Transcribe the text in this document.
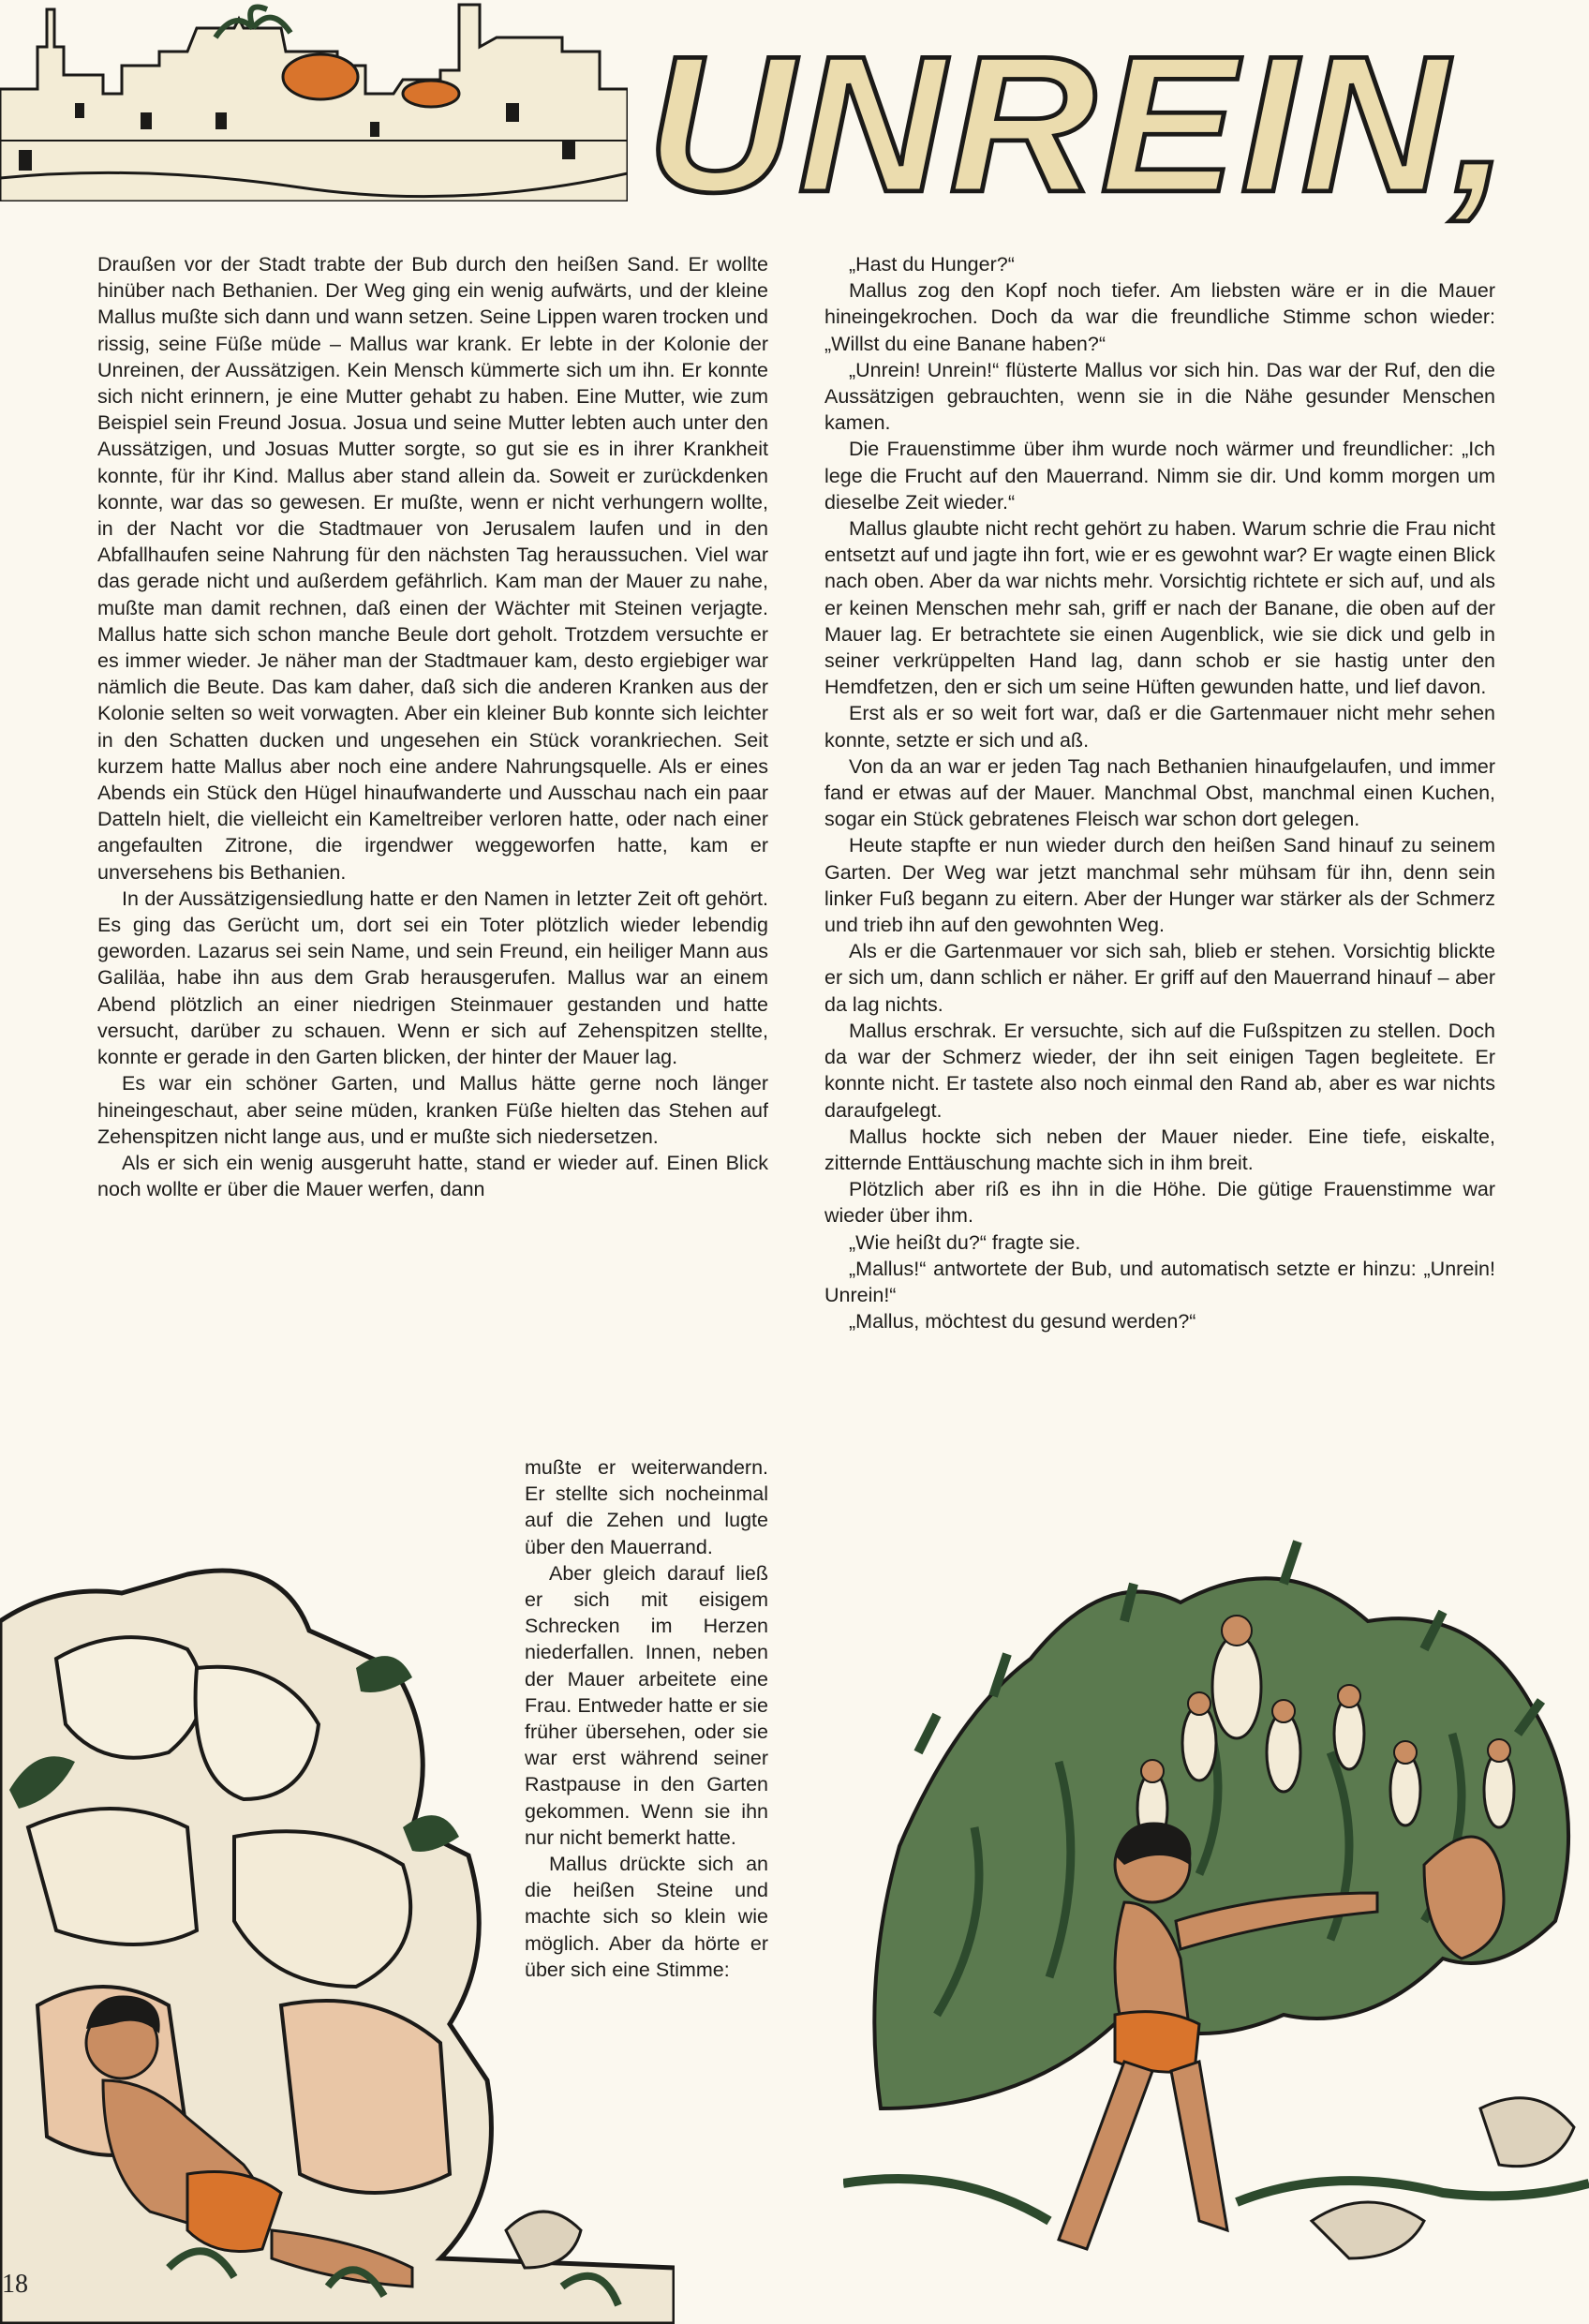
UNREIN,

Draußen vor der Stadt trabte der Bub durch den heißen Sand. Er wollte hinüber nach Bethanien. Der Weg ging ein wenig aufwärts, und der kleine Mallus mußte sich dann und wann setzen. Seine Lippen waren trocken und rissig, seine Füße müde – Mallus war krank. Er lebte in der Kolonie der Unreinen, der Aussätzigen. Kein Mensch kümmerte sich um ihn. Er konnte sich nicht erinnern, je eine Mutter gehabt zu haben. Eine Mutter, wie zum Beispiel sein Freund Josua. Josua und seine Mutter lebten auch unter den Aussätzigen, und Josuas Mutter sorgte, so gut sie es in ihrer Krankheit konnte, für ihr Kind. Mallus aber stand allein da. Soweit er zurückdenken konnte, war das so gewesen. Er mußte, wenn er nicht verhungern wollte, in der Nacht vor die Stadtmauer von Jerusalem laufen und in den Abfallhaufen seine Nahrung für den nächsten Tag heraussuchen. Viel war das gerade nicht und außerdem gefährlich. Kam man der Mauer zu nahe, mußte man damit rechnen, daß einen der Wächter mit Steinen verjagte. Mallus hatte sich schon manche Beule dort geholt. Trotzdem versuchte er es immer wieder. Je näher man der Stadtmauer kam, desto ergiebiger war nämlich die Beute. Das kam daher, daß sich die anderen Kranken aus der Kolonie selten so weit vorwagten. Aber ein kleiner Bub konnte sich leichter in den Schatten ducken und ungesehen ein Stück vorankriechen. Seit kurzem hatte Mallus aber noch eine andere Nahrungsquelle. Als er eines Abends ein Stück den Hügel hinaufwanderte und Ausschau nach ein paar Datteln hielt, die vielleicht ein Kameltreiber verloren hatte, oder nach einer angefaulten Zitrone, die irgendwer weggeworfen hatte, kam er unversehens bis Bethanien.

In der Aussätzigensiedlung hatte er den Namen in letzter Zeit oft gehört. Es ging das Gerücht um, dort sei ein Toter plötzlich wieder lebendig geworden. Lazarus sei sein Name, und sein Freund, ein heiliger Mann aus Galiläa, habe ihn aus dem Grab herausgerufen. Mallus war an einem Abend plötzlich an einer niedrigen Steinmauer gestanden und hatte versucht, darüber zu schauen. Wenn er sich auf Zehenspitzen stellte, konnte er gerade in den Garten blicken, der hinter der Mauer lag.

Es war ein schöner Garten, und Mallus hätte gerne noch länger hineingeschaut, aber seine müden, kranken Füße hielten das Stehen auf Zehenspitzen nicht lange aus, und er mußte sich niedersetzen.

Als er sich ein wenig ausgeruht hatte, stand er wieder auf. Einen Blick noch wollte er über die Mauer werfen, dann

mußte er weiterwandern. Er stellte sich nocheinmal auf die Zehen und lugte über den Mauerrand.

Aber gleich darauf ließ er sich mit eisigem Schrecken im Herzen niederfallen. Innen, neben der Mauer arbeitete eine Frau. Entweder hatte er sie früher übersehen, oder sie war erst während seiner Rastpause in den Garten gekommen. Wenn sie ihn nur nicht bemerkt hatte.

Mallus drückte sich an die heißen Steine und machte sich so klein wie möglich. Aber da hörte er über sich eine Stimme:

„Hast du Hunger?“

Mallus zog den Kopf noch tiefer. Am liebsten wäre er in die Mauer hineingekrochen. Doch da war die freundliche Stimme schon wieder: „Willst du eine Banane haben?“

„Unrein! Unrein!“ flüsterte Mallus vor sich hin. Das war der Ruf, den die Aussätzigen gebrauchten, wenn sie in die Nähe gesunder Menschen kamen.

Die Frauenstimme über ihm wurde noch wärmer und freundlicher: „Ich lege die Frucht auf den Mauerrand. Nimm sie dir. Und komm morgen um dieselbe Zeit wieder.“

Mallus glaubte nicht recht gehört zu haben. Warum schrie die Frau nicht entsetzt auf und jagte ihn fort, wie er es gewohnt war? Er wagte einen Blick nach oben. Aber da war nichts mehr. Vorsichtig richtete er sich auf, und als er keinen Menschen mehr sah, griff er nach der Banane, die oben auf der Mauer lag. Er betrachtete sie einen Augenblick, wie sie dick und gelb in seiner verkrüppelten Hand lag, dann schob er sie hastig unter den Hemdfetzen, den er sich um seine Hüften gewunden hatte, und lief davon.

Erst als er so weit fort war, daß er die Gartenmauer nicht mehr sehen konnte, setzte er sich und aß.

Von da an war er jeden Tag nach Bethanien hinaufgelaufen, und immer fand er etwas auf der Mauer. Manchmal Obst, manchmal einen Kuchen, sogar ein Stück gebratenes Fleisch war schon dort gelegen.

Heute stapfte er nun wieder durch den heißen Sand hinauf zu seinem Garten. Der Weg war jetzt manchmal sehr mühsam für ihn, denn sein linker Fuß begann zu eitern. Aber der Hunger war stärker als der Schmerz und trieb ihn auf den gewohnten Weg.

Als er die Gartenmauer vor sich sah, blieb er stehen. Vorsichtig blickte er sich um, dann schlich er näher. Er griff auf den Mauerrand hinauf – aber da lag nichts.

Mallus erschrak. Er versuchte, sich auf die Fußspitzen zu stellen. Doch da war der Schmerz wieder, der ihn seit einigen Tagen begleitete. Er konnte nicht. Er tastete also noch einmal den Rand ab, aber es war nichts daraufgelegt.

Mallus hockte sich neben der Mauer nieder. Eine tiefe, eiskalte, zitternde Enttäuschung machte sich in ihm breit.

Plötzlich aber riß es ihn in die Höhe. Die gütige Frauenstimme war wieder über ihm.

„Wie heißt du?“ fragte sie.

„Mallus!“ antwortete der Bub, und automatisch setzte er hinzu: „Unrein! Unrein!“

„Mallus, möchtest du gesund werden?“

18
